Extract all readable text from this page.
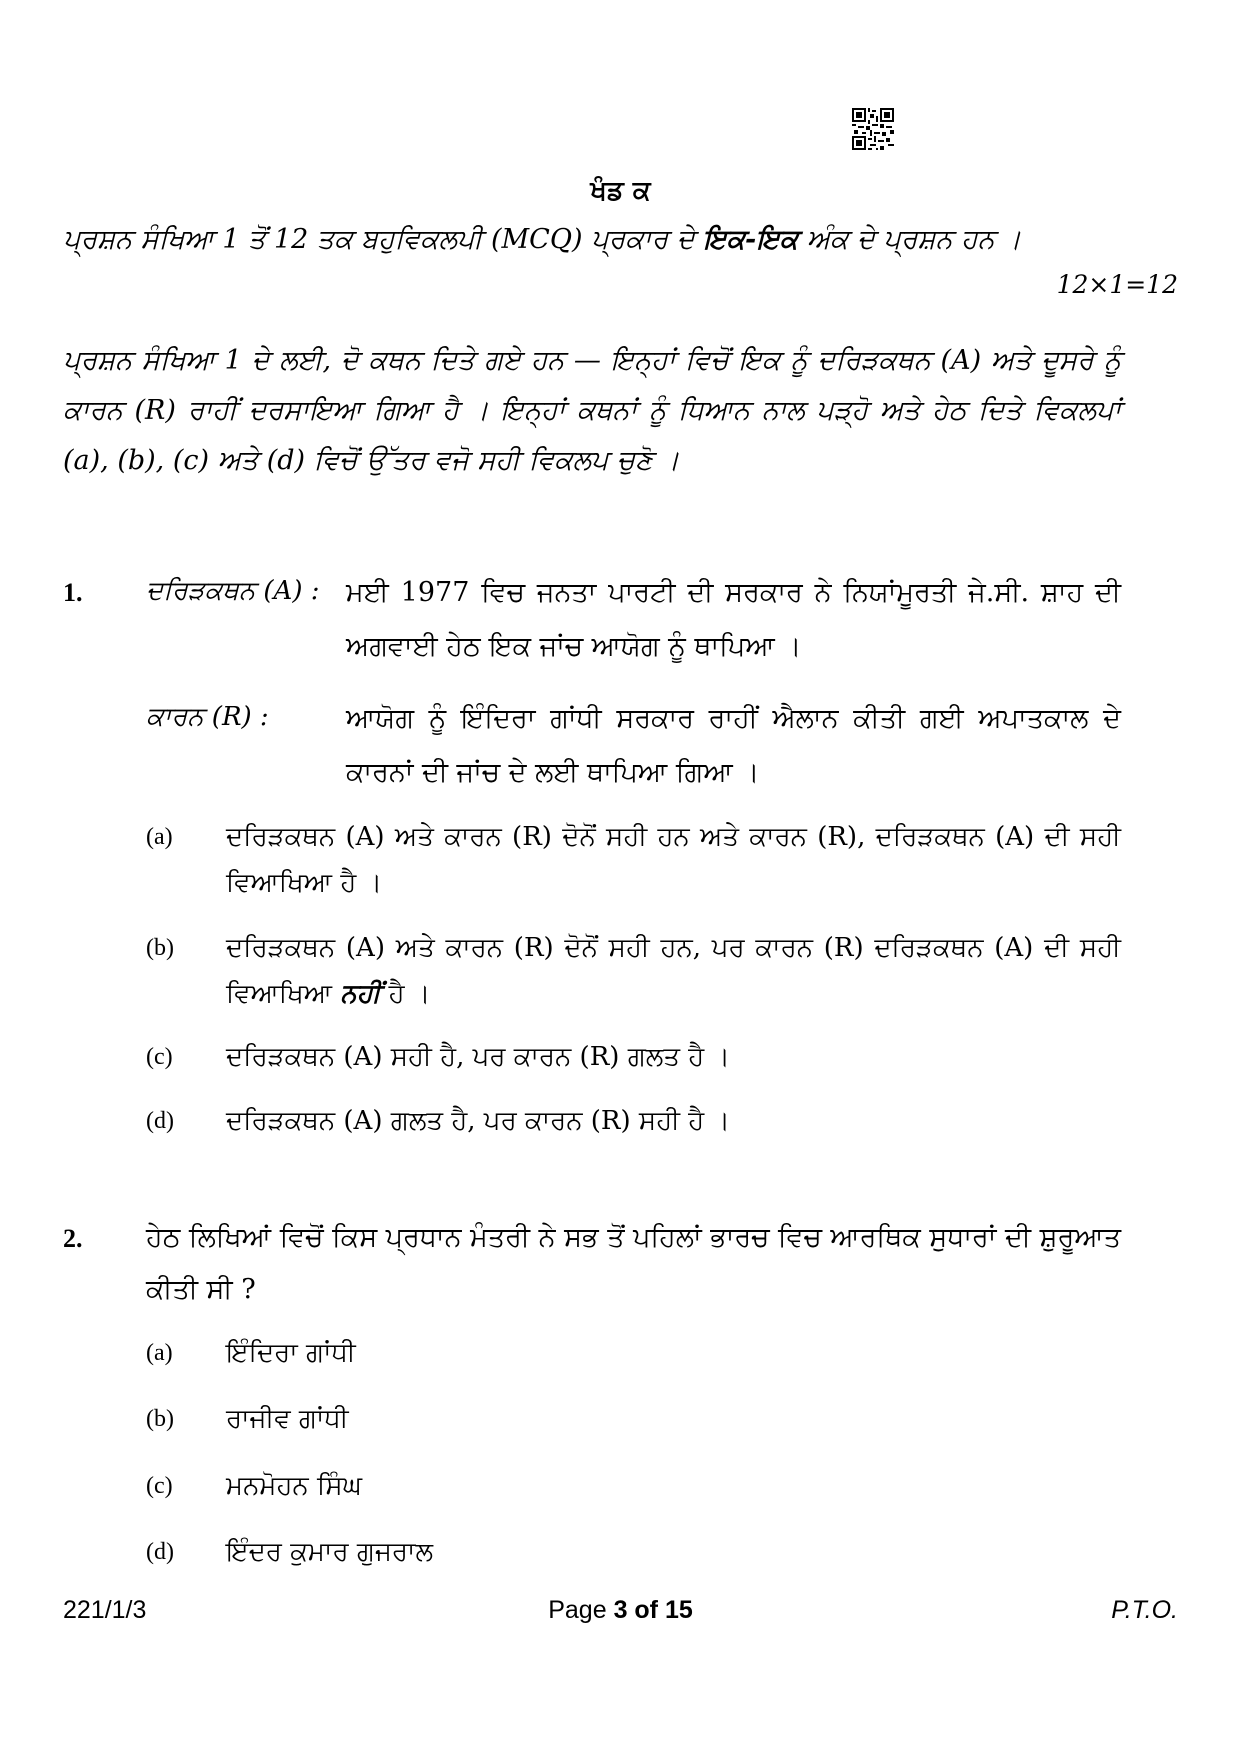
ਖੰਡ ਕ
ਪ੍ਰਸ਼ਨ ਸੰਖਿਆ 1 ਤੋਂ 12 ਤਕ ਬਹੁਵਿਕਲਪੀ (MCQ) ਪ੍ਰਕਾਰ ਦੇ ਇਕ-ਇਕ ਅੰਕ ਦੇ ਪ੍ਰਸ਼ਨ ਹਨ ।
12×1=12
ਪ੍ਰਸ਼ਨ ਸੰਖਿਆ 1 ਦੇ ਲਈ, ਦੋ ਕਥਨ ਦਿਤੇ ਗਏ ਹਨ — ਇਨ੍ਹਾਂ ਵਿਚੋਂ ਇਕ ਨੂੰ ਦਰਿੜਕਥਨ (A) ਅਤੇ ਦੂਸਰੇ ਨੂੰ ਕਾਰਨ (R) ਰਾਹੀਂ ਦਰਸਾਇਆ ਗਿਆ ਹੈ । ਇਨ੍ਹਾਂ ਕਥਨਾਂ ਨੂੰ ਧਿਆਨ ਨਾਲ ਪੜ੍ਹੋ ਅਤੇ ਹੇਠ ਦਿਤੇ ਵਿਕਲਪਾਂ (a), (b), (c) ਅਤੇ (d) ਵਿਚੋਂ ਉੱਤਰ ਵਜੋ ਸਹੀ ਵਿਕਲਪ ਚੁਣੋ ।
1. ਦਰਿੜਕਥਨ (A) : ਮਈ 1977 ਵਿਚ ਜਨਤਾ ਪਾਰਟੀ ਦੀ ਸਰਕਾਰ ਨੇ ਨਿਯਾਂਮੂਰਤੀ ਜੇ.ਸੀ. ਸ਼ਾਹ ਦੀ ਅਗਵਾਈ ਹੇਠ ਇਕ ਜਾਂਚ ਆਯੋਗ ਨੂੰ ਥਾਪਿਆ ।
ਕਾਰਨ (R) :	ਆਯੋਗ ਨੂੰ ਇੰਦਿਰਾ ਗਾਂਧੀ ਸਰਕਾਰ ਰਾਹੀਂ ਐਲਾਨ ਕੀਤੀ ਗਈ ਅਪਾਤਕਾਲ ਦੇ ਕਾਰਨਾਂ ਦੀ ਜਾਂਚ ਦੇ ਲਈ ਥਾਪਿਆ ਗਿਆ ।
(a) ਦਰਿੜਕਥਨ (A) ਅਤੇ ਕਾਰਨ (R) ਦੋਨੋਂ ਸਹੀ ਹਨ ਅਤੇ ਕਾਰਨ (R), ਦਰਿੜਕਥਨ (A) ਦੀ ਸਹੀ ਵਿਆਖਿਆ ਹੈ ।
(b) ਦਰਿੜਕਥਨ (A) ਅਤੇ ਕਾਰਨ (R) ਦੋਨੋਂ ਸਹੀ ਹਨ, ਪਰ ਕਾਰਨ (R) ਦਰਿੜਕਥਨ (A) ਦੀ ਸਹੀ ਵਿਆਖਿਆ ਨਹੀਂ ਹੈ ।
(c) ਦਰਿੜਕਥਨ (A) ਸਹੀ ਹੈ, ਪਰ ਕਾਰਨ (R) ਗਲਤ ਹੈ ।
(d) ਦਰਿੜਕਥਨ (A) ਗਲਤ ਹੈ, ਪਰ ਕਾਰਨ (R) ਸਹੀ ਹੈ ।
2. ਹੇਠ ਲਿਖਿਆਂ ਵਿਚੋਂ ਕਿਸ ਪ੍ਰਧਾਨ ਮੰਤਰੀ ਨੇ ਸਭ ਤੋਂ ਪਹਿਲਾਂ ਭਾਰਚ ਵਿਚ ਆਰਥਿਕ ਸੁਧਾਰਾਂ ਦੀ ਸ਼ੁਰੂਆਤ ਕੀਤੀ ਸੀ ?
(a) ਇੰਦਿਰਾ ਗਾਂਧੀ
(b) ਰਾਜੀਵ ਗਾਂਧੀ
(c) ਮਨਮੋਹਨ ਸਿੰਘ
(d) ਇੰਦਰ ਕੁਮਾਰ ਗੁਜਰਾਲ
221/1/3	Page 3 of 15	P.T.O.
